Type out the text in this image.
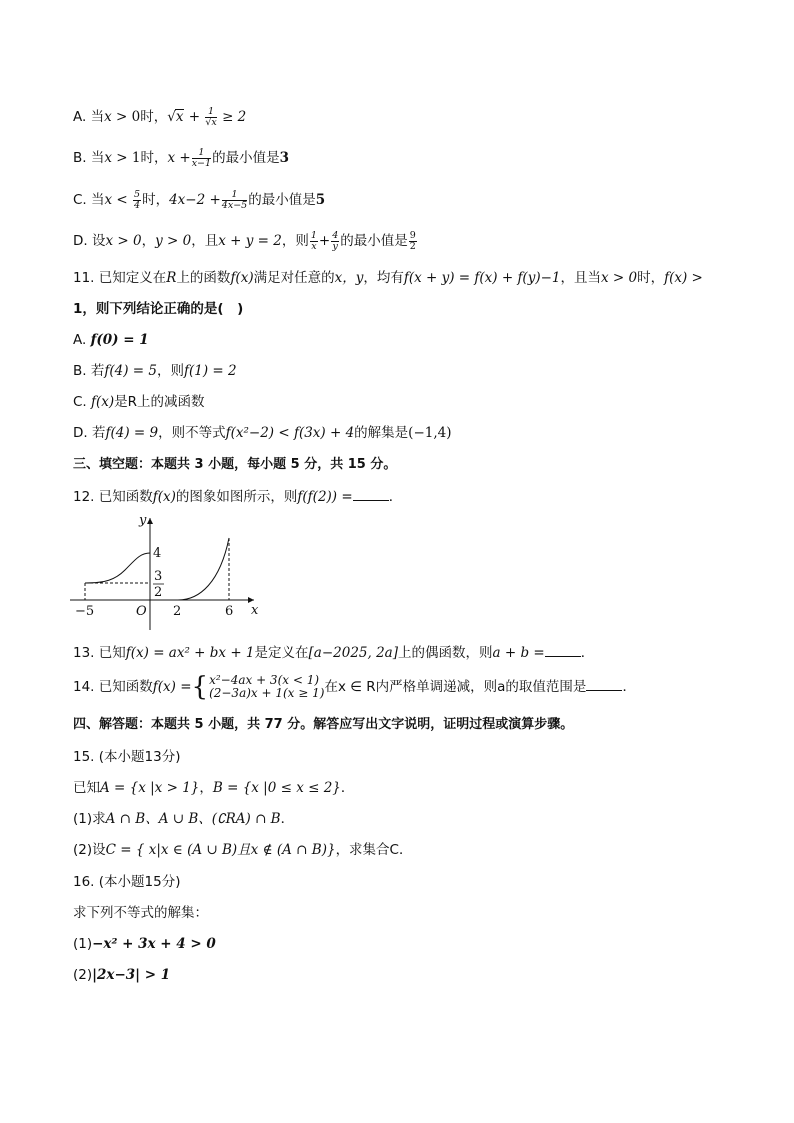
A. 当x > 0时，$√x + \frac{1}{√x} \ge 2$
B. 当x > 1时，$x + \frac{1}{x-1}$ 的最小值是3
C. 当$x < \frac{5}{4}$ 时，$4x-2 + \frac{1}{4x-5}$ 的最小值是5
D. 设x > 0，y > 0，且x + y = 2，则 $\frac{1}{x} + \frac{4}{y}$ 的最小值是 $\frac{9}{2}$
11. 已知定义在R上的函数f(x)满足对任意的x，y，均有f(x + y) = f(x) + f(y)−1，且当x > 0时，f(x) >
1，则下列结论正确的是(　)
A. f(0) = 1
B. 若f(4) = 5，则f(1) = 2
C. f(x)是R上的减函数
D. 若f(4) = 9，则不等式f(x²−2) < f(3x) + 4的解集是(−1,4)
三、填空题：本题共 3 小题，每小题 5 分，共 15 分。
12. 已知函数f(x)的图象如图所示，则f(f(2)) =	．
y
x
O
−5	2	6
4
3
2
13. 已知f(x) = ax² + bx + 1是定义在[a−2025, 2a]上的偶函数，则a + b =	．
14. 已知函数f(x) ={ x²−4ax + 3(x < 1)
(2−3a)x + 1(x ≥ 1) 在x ∈ R内严格单调递减，则a的取值范围是	．
四、解答题：本题共 5 小题，共 77 分。解答应写出文字说明，证明过程或演算步骤。
15. (本小题13分)
已知A = {x |x > 1}，B = {x |0 ≤ x ≤ 2}．
(1)求A ∩ B、A ∪ B、(∁RA) ∩ B．
(2)设C = { x|x ∈ (A ∪ B)且x ∉ (A ∩ B)}，求集合C．
16. (本小题15分)
求下列不等式的解集：
(1)−x² + 3x + 4 > 0
(2)|2x−3| > 1
